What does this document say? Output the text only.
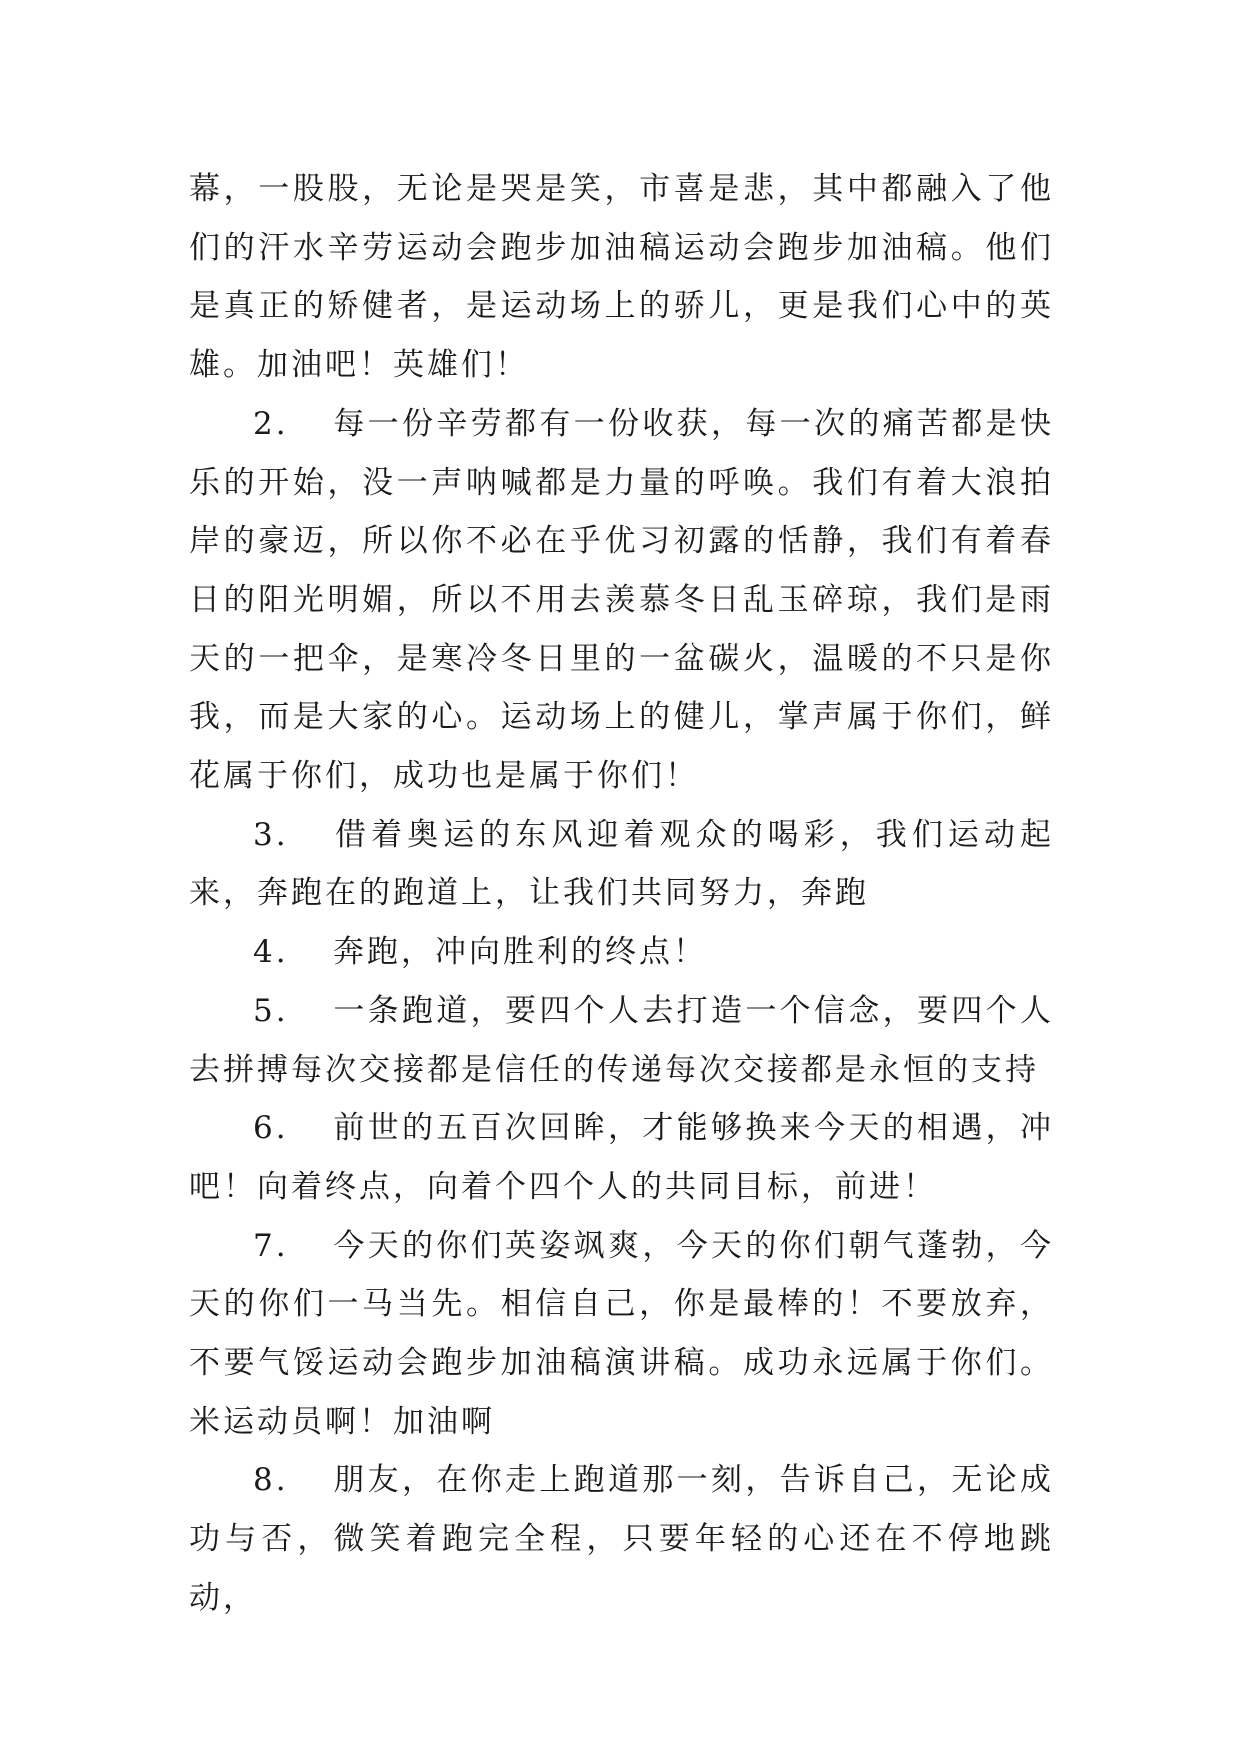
幕，一股股，无论是哭是笑，市喜是悲，其中都融入了他们的汗水辛劳运动会跑步加油稿运动会跑步加油稿。他们是真正的矫健者，是运动场上的骄儿，更是我们心中的英雄。加油吧！英雄们！

2. 每一份辛劳都有一份收获，每一次的痛苦都是快乐的开始，没一声呐喊都是力量的呼唤。我们有着大浪拍岸的豪迈，所以你不必在乎优习初露的恬静，我们有着春日的阳光明媚，所以不用去羡慕冬日乱玉碎琼，我们是雨天的一把伞，是寒冷冬日里的一盆碳火，温暖的不只是你我，而是大家的心。运动场上的健儿，掌声属于你们，鲜花属于你们，成功也是属于你们！

3. 借着奥运的东风迎着观众的喝彩，我们运动起来，奔跑在的跑道上，让我们共同努力，奔跑

4. 奔跑，冲向胜利的终点！

5. 一条跑道，要四个人去打造一个信念，要四个人去拼搏每次交接都是信任的传递每次交接都是永恒的支持

6. 前世的五百次回眸，才能够换来今天的相遇，冲吧！向着终点，向着个四个人的共同目标，前进！

7. 今天的你们英姿飒爽，今天的你们朝气蓬勃，今天的你们一马当先。相信自己，你是最棒的！不要放弃，不要气馁运动会跑步加油稿演讲稿。成功永远属于你们。米运动员啊！加油啊

8. 朋友，在你走上跑道那一刻，告诉自己，无论成功与否，微笑着跑完全程，只要年轻的心还在不停地跳动，
